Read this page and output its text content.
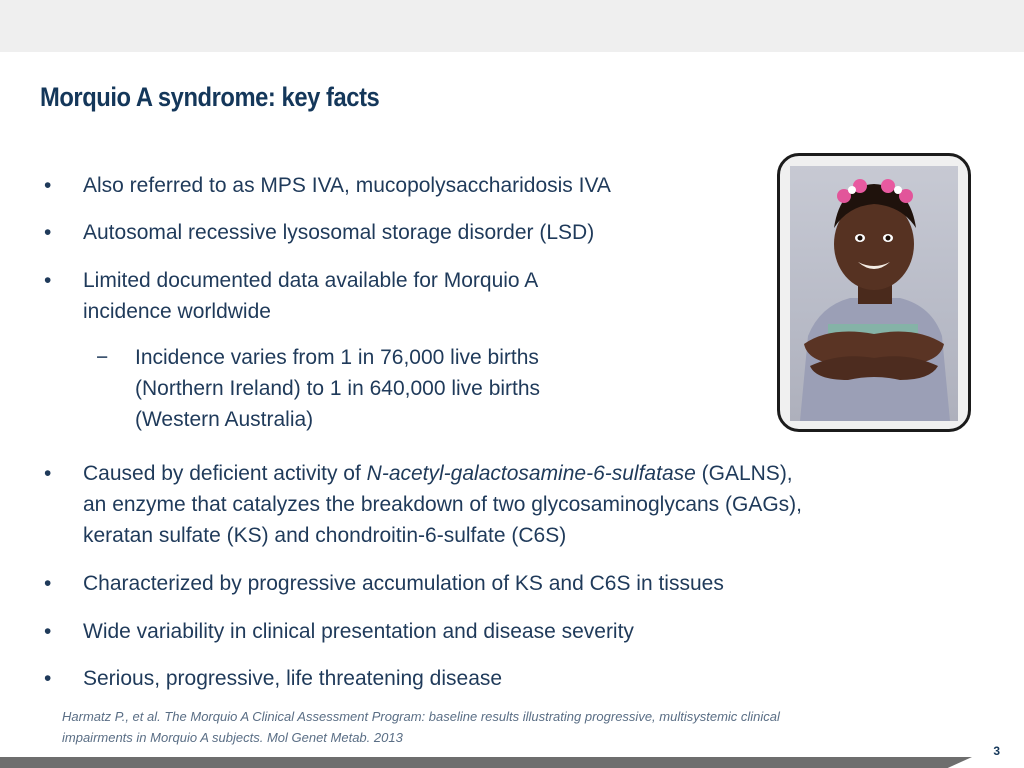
Morquio A syndrome: key facts
•	Also referred to as MPS IVA, mucopolysaccharidosis IVA
•	Autosomal recessive lysosomal storage disorder (LSD)
•	Limited documented data available for Morquio A
incidence worldwide
−	Incidence varies from 1 in 76,000 live births
(Northern Ireland) to 1 in 640,000 live births
(Western Australia)
•	Caused by deficient activity of N-acetyl-galactosamine-6-sulfatase (GALNS),
an enzyme that catalyzes the breakdown of two glycosaminoglycans (GAGs),
keratan sulfate (KS) and chondroitin-6-sulfate (C6S)
•	Characterized by progressive accumulation of KS and C6S in tissues
•	Wide variability in clinical presentation and disease severity
•	Serious, progressive, life threatening disease
Harmatz P., et al. The Morquio A Clinical Assessment Program: baseline results illustrating progressive, multisystemic clinical
impairments in Morquio A subjects. Mol Genet Metab. 2013
3
